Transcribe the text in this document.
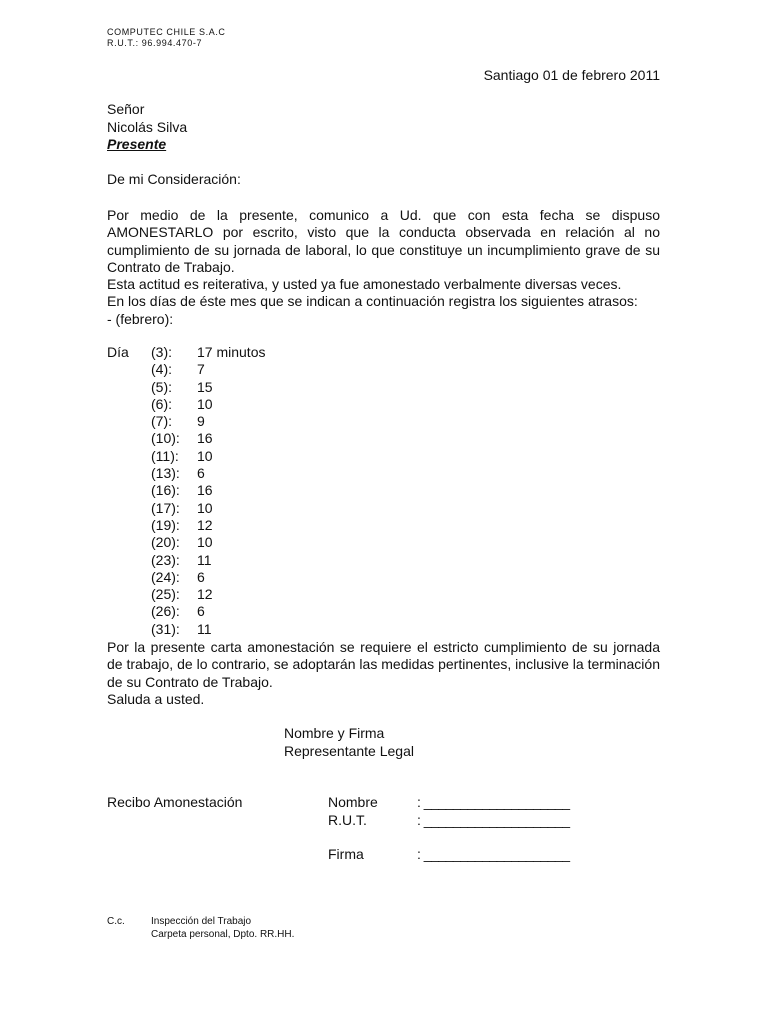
COMPUTEC CHILE S.A.C
R.U.T.: 96.994.470-7
Santiago 01 de febrero 2011
Señor
Nicolás Silva
Presente
De mi Consideración:

Por medio de la presente, comunico a Ud. que con esta fecha se dispuso AMONESTARLO por escrito, visto que la conducta observada en relación al no cumplimiento de su jornada de laboral, lo que constituye un incumplimiento grave de su Contrato de Trabajo.

Esta actitud es reiterativa, y usted ya fue amonestado verbalmente diversas veces.

En los días de éste mes que se indican a continuación registra los siguientes atrasos:

- (febrero):

Día (3): 17 minutos
(4): 7
(5): 15
(6): 10
(7): 9
(10): 16
(11): 10
(13): 6
(16): 16
(17): 10
(19): 12
(20): 10
(23): 11
(24): 6
(25): 12
(26): 6
(31): 11

Por la presente carta amonestación se requiere el estricto cumplimiento de su jornada de trabajo, de lo contrario, se adoptarán las medidas pertinentes, inclusive la terminación de su Contrato de Trabajo.

Saluda a usted.

Nombre y Firma
Representante Legal
Recibo Amonestación	Nombre	: ____________________
R.U.T.	: ____________________
Firma	: ____________________
C.c.	Inspección del Trabajo
Carpeta personal, Dpto. RR.HH.
